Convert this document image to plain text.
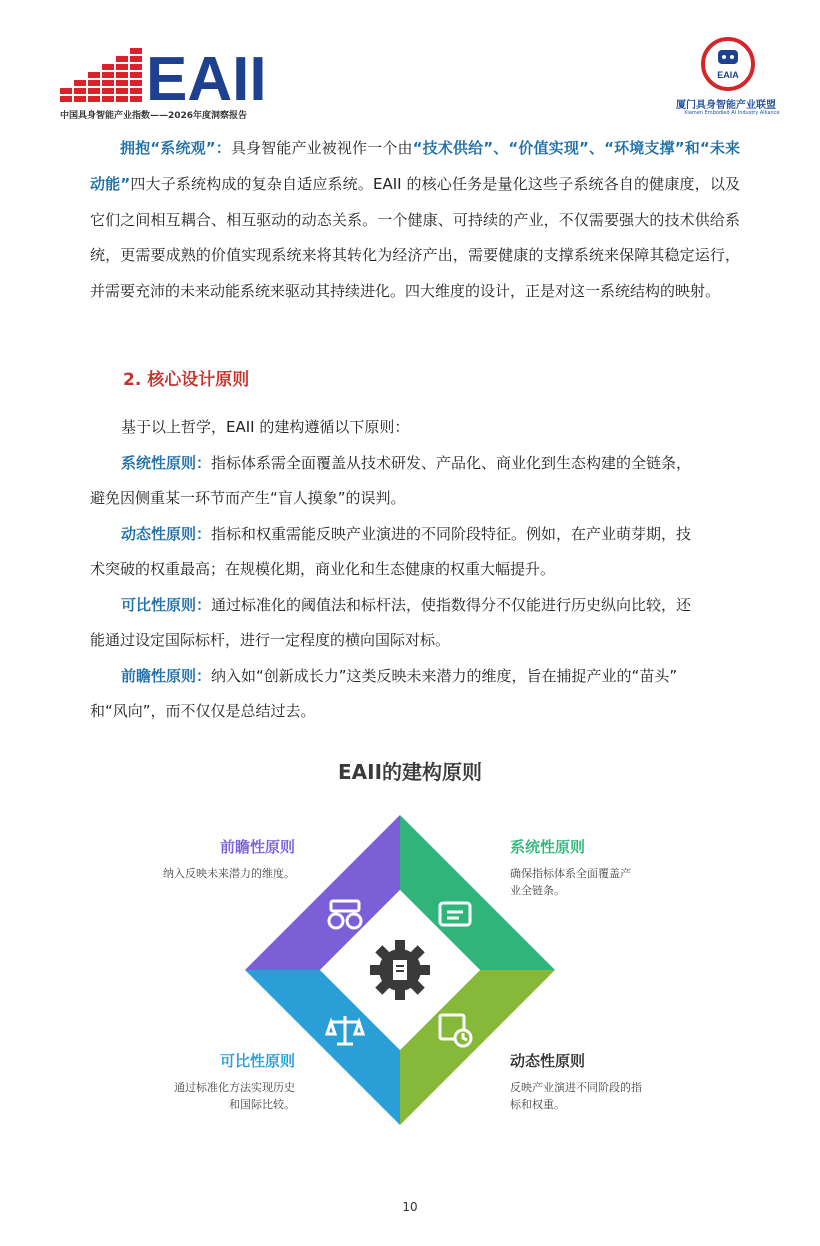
EAII
中国具身智能产业指数——2026年度洞察报告
EAIA
厦门具身智能产业联盟
Xiamen Embodied AI Industry Alliance

拥抱“系统观”：具身智能产业被视作一个由“技术供给”、“价值实现”、“环境支撑”和“未来动能”四大子系统构成的复杂自适应系统。EAII 的核心任务是量化这些子系统各自的健康度，以及它们之间相互耦合、相互驱动的动态关系。一个健康、可持续的产业，不仅需要强大的技术供给系统，更需要成熟的价值实现系统来将其转化为经济产出，需要健康的支撑系统来保障其稳定运行，并需要充沛的未来动能系统来驱动其持续进化。四大维度的设计，正是对这一系统结构的映射。

2. 核心设计原则
基于以上哲学，EAII 的建构遵循以下原则：
系统性原则：指标体系需全面覆盖从技术研发、产品化、商业化到生态构建的全链条，
避免因侧重某一环节而产生“盲人摸象”的误判。
动态性原则：指标和权重需能反映产业演进的不同阶段特征。例如，在产业萌芽期，技
术突破的权重最高；在规模化期，商业化和生态健康的权重大幅提升。
可比性原则：通过标准化的阈值法和标杆法，使指数得分不仅能进行历史纵向比较，还
能通过设定国际标杆，进行一定程度的横向国际对标。
前瞻性原则：纳入如“创新成长力”这类反映未来潜力的维度，旨在捕捉产业的“苗头”
和“风向”，而不仅仅是总结过去。
EAII的建构原则
前瞻性原则
纳入反映未来潜力的维度。
系统性原则
确保指标体系全面覆盖产业全链条。
可比性原则
通过标准化方法实现历史和国际比较。
动态性原则
反映产业演进不同阶段的指标和权重。
10
